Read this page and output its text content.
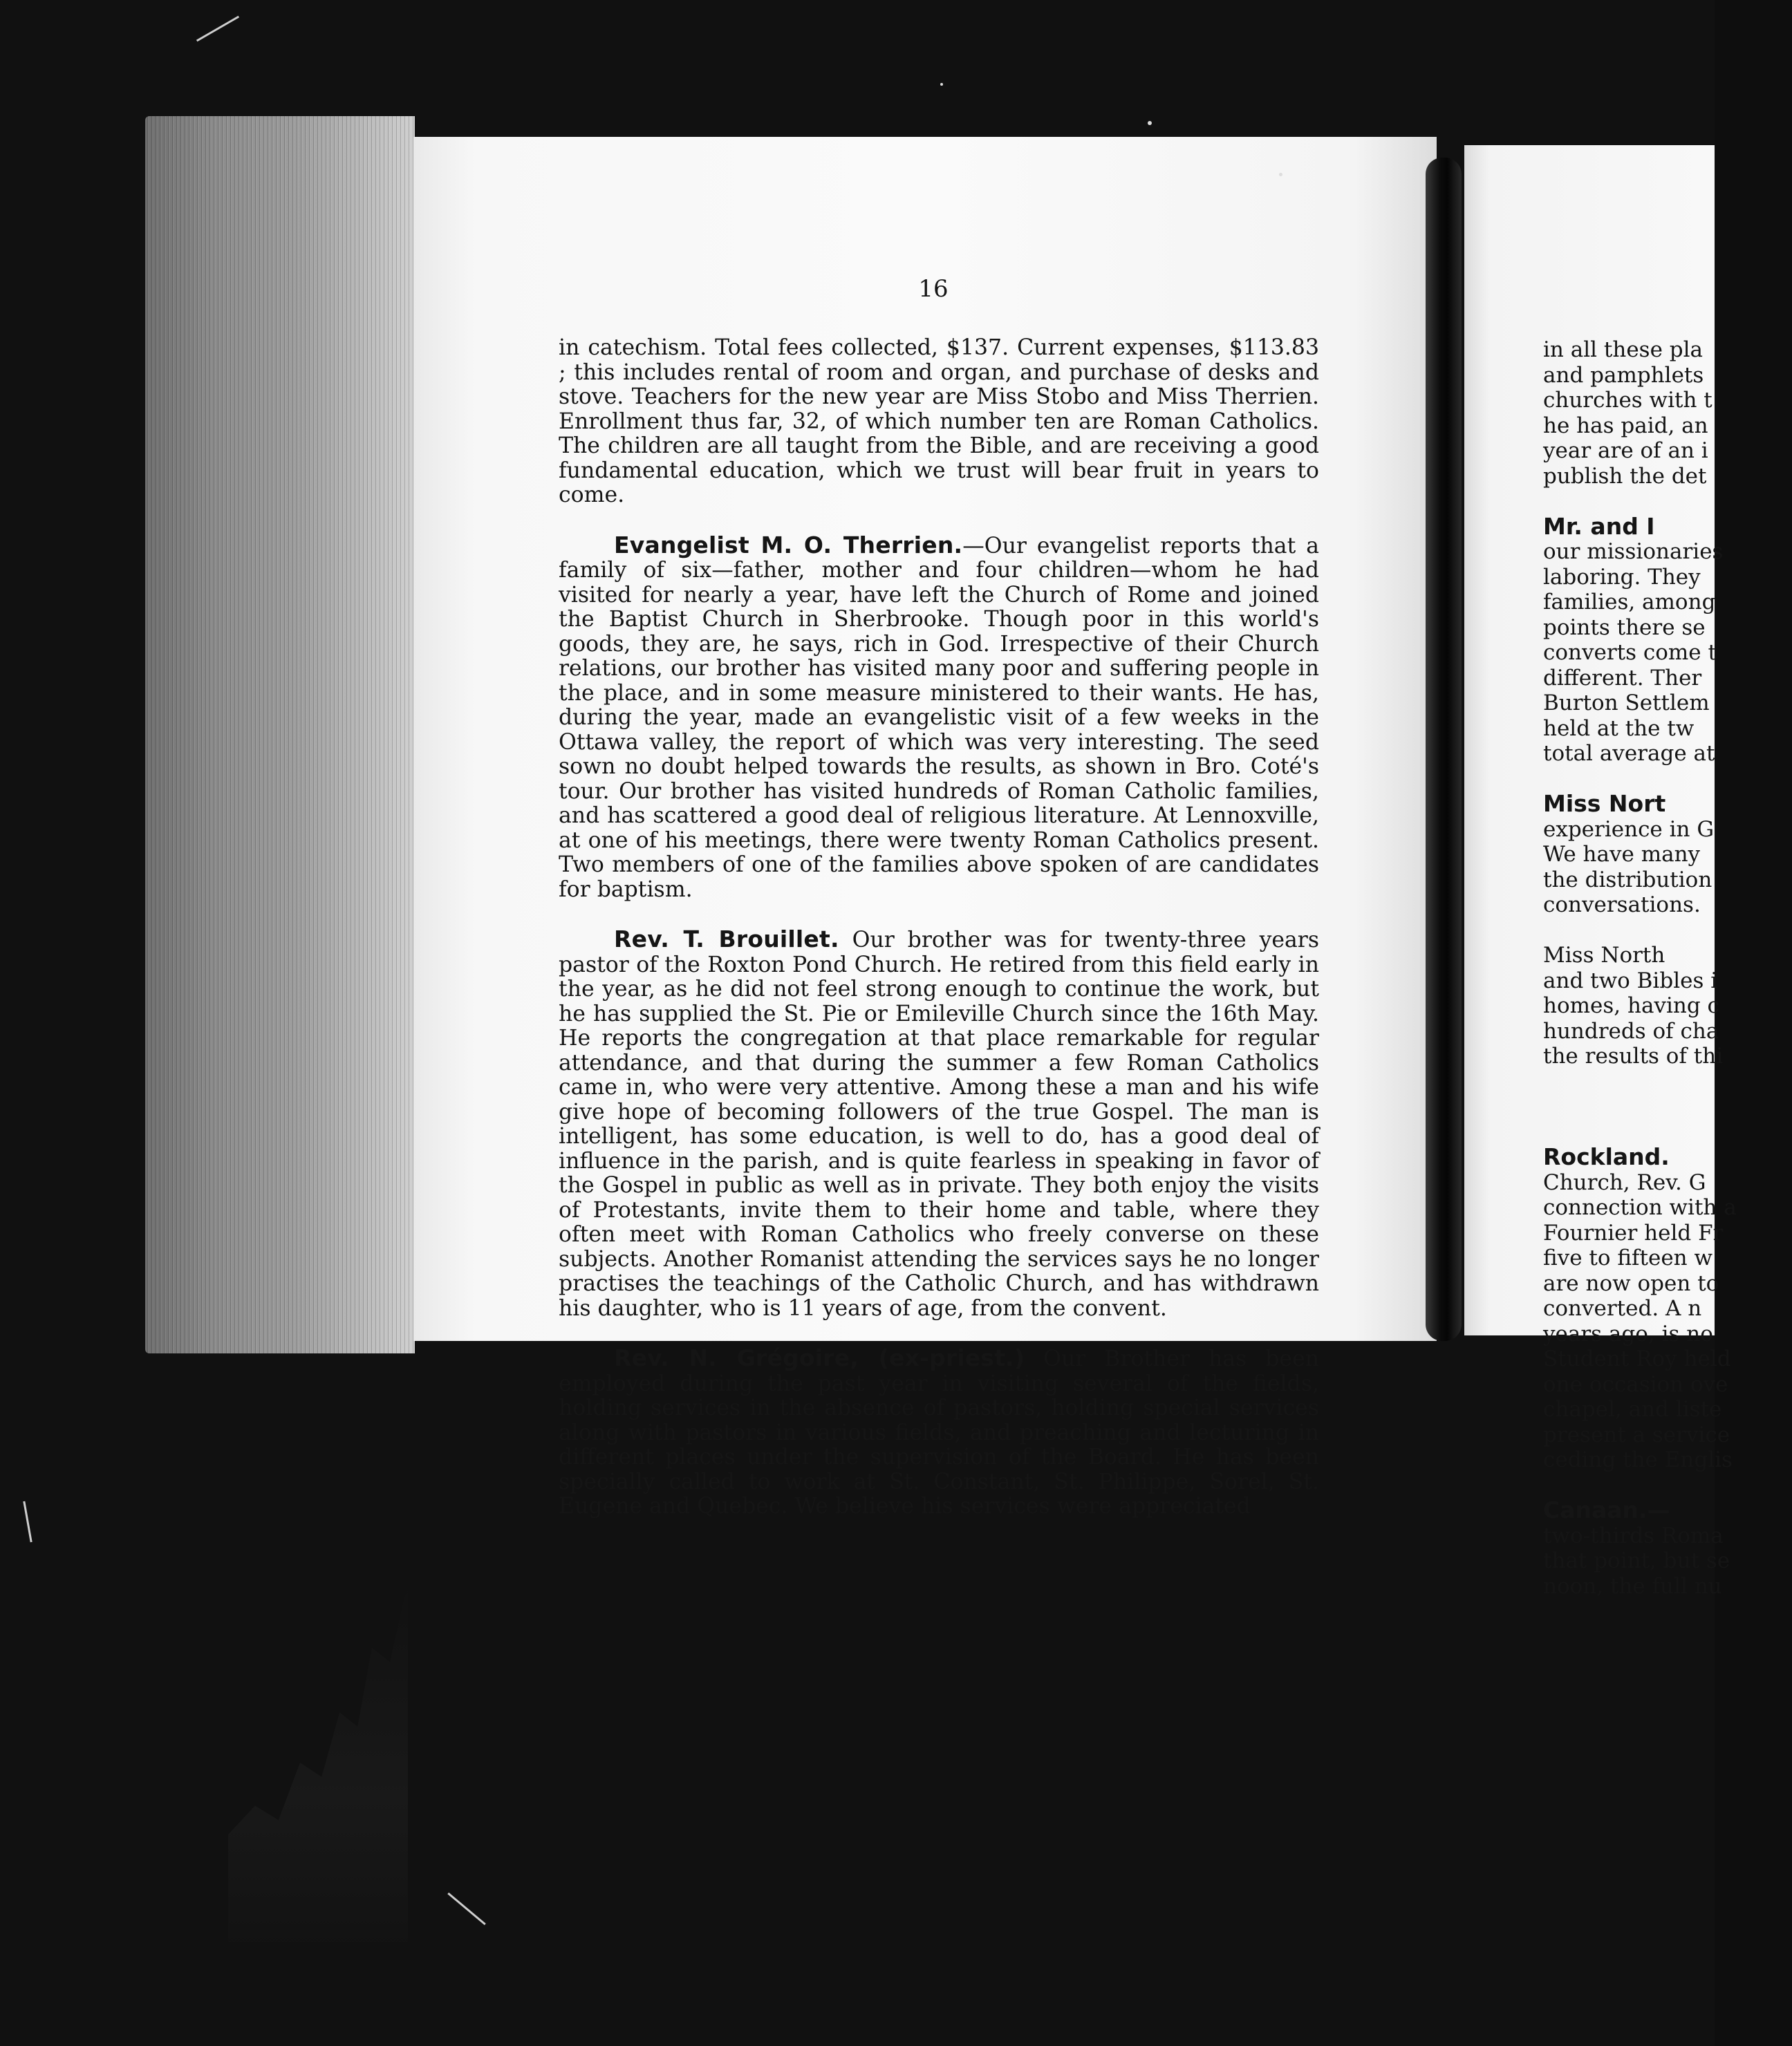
16

in catechism. Total fees collected, $137. Current expenses, $113.83 ; this includes rental of room and organ, and purchase of desks and stove. Teachers for the new year are Miss Stobo and Miss Therrien. Enrollment thus far, 32, of which number ten are Roman Catholics. The children are all taught from the Bible, and are receiving a good fundamental education, which we trust will bear fruit in years to come.

Evangelist M. O. Therrien.—Our evangelist reports that a family of six—father, mother and four children—whom he had visited for nearly a year, have left the Church of Rome and joined the Baptist Church in Sherbrooke. Though poor in this world's goods, they are, he says, rich in God. Irrespective of their Church relations, our brother has visited many poor and suffering people in the place, and in some measure ministered to their wants. He has, during the year, made an evangelistic visit of a few weeks in the Ottawa valley, the report of which was very interesting. The seed sown no doubt helped towards the results, as shown in Bro. Coté's tour. Our brother has visited hundreds of Roman Catholic families, and has scattered a good deal of religious literature. At Lennoxville, at one of his meetings, there were twenty Roman Catholics present. Two members of one of the families above spoken of are candidates for baptism.

Rev. T. Brouillet. Our brother was for twenty-three years pastor of the Roxton Pond Church. He retired from this field early in the year, as he did not feel strong enough to continue the work, but he has supplied the St. Pie or Emileville Church since the 16th May. He reports the congregation at that place remarkable for regular attendance, and that during the summer a few Roman Catholics came in, who were very attentive. Among these a man and his wife give hope of becoming followers of the true Gospel. The man is intelligent, has some education, is well to do, has a good deal of influence in the parish, and is quite fearless in speaking in favor of the Gospel in public as well as in private. They both enjoy the visits of Protestants, invite them to their home and table, where they often meet with Roman Catholics who freely converse on these subjects. Another Romanist attending the services says he no longer practises the teachings of the Catholic Church, and has withdrawn his daughter, who is 11 years of age, from the convent.

Rev. N. Grégoire, (ex-priest.) Our Brother has been employed during the past year in visiting several of the fields, holding services in the absence of pastors, holding special services along with pastors in various fields, and preaching and lecturing in different places under the supervision of the Board. He has been specially called to work at St. Constant, St. Philippe, Sorel, St. Eugene and Quebec. We believe his services were appreciated

in all these pla
and pamphlets
churches with t
he has paid, an
year are of an i
publish the det

Mr. and I
our missionaries
laboring. They
families, among
points there se
converts come t
different. Ther
Burton Settlem
held at the tw
total average at

Miss Nort
experience in G
We have many
the distribution
conversations.

Miss North
and two Bibles i
homes, having c
hundreds of cha
the results of thi

Rockland.
Church, Rev. G
connection with a
Fournier held Fr
five to fifteen w
are now open to
converted. A n
years ago, is no
Student Roy held
one occasion ove
chapel, and liste
present a service
ceding the Englis

Canaan.—
two-thirds Roma
that point, but se
noon, the full nu
